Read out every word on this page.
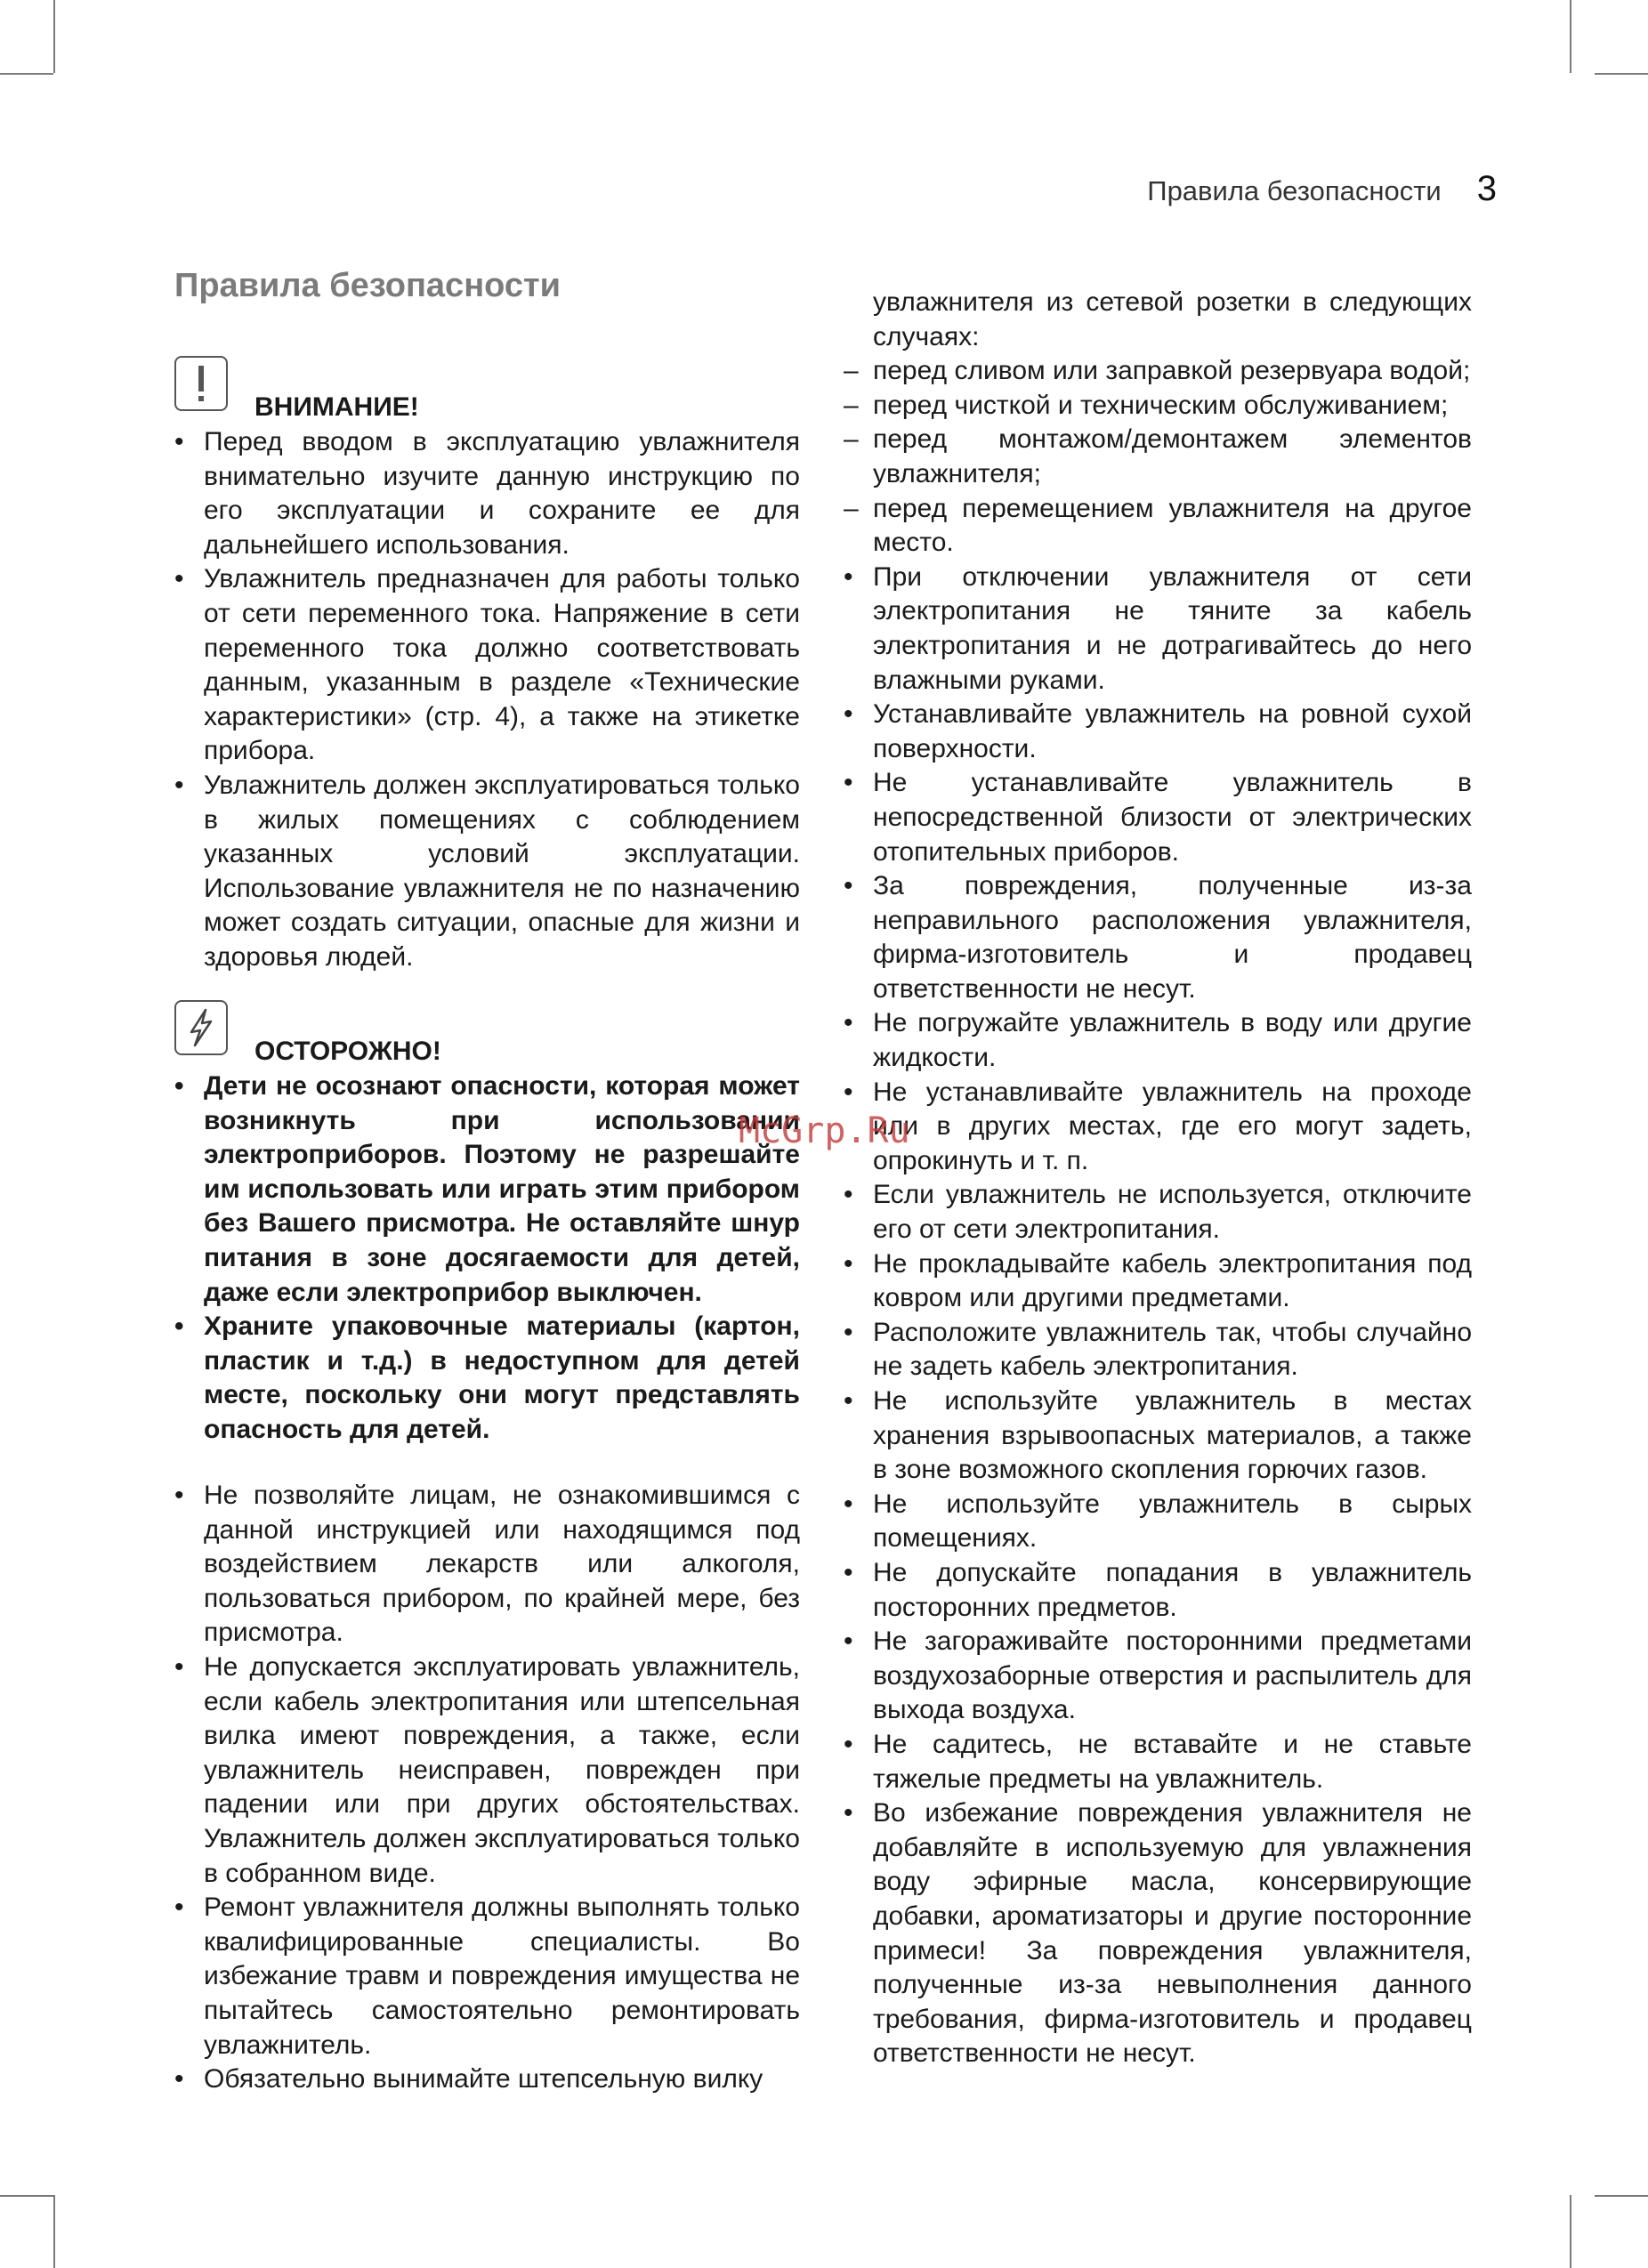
Правила безопасности 3
Правила безопасности
ВНИМАНИЕ!
• Перед вводом в эксплуатацию увлажнителя внимательно изучите данную инструкцию по его эксплуатации и сохраните ее для дальнейшего использования.
• Увлажнитель предназначен для работы только от сети переменного тока. Напряжение в сети переменного тока должно соответствовать данным, указанным в разделе «Технические характеристики» (стр. 4), а также на этикетке прибора.
• Увлажнитель должен эксплуатироваться только в жилых помещениях с соблюдением указанных условий эксплуатации. Использование увлажнителя не по назначению может создать ситуации, опасные для жизни и здоровья людей.
ОСТОРОЖНО!
• Дети не осознают опасности, которая может возникнуть при использовании электроприборов. Поэтому не разрешайте им использовать или играть этим прибором без Вашего присмотра. Не оставляйте шнур питания в зоне досягаемости для детей, даже если электроприбор выключен.
• Храните упаковочные материалы (картон, пластик и т.д.) в недоступном для детей месте, поскольку они могут представлять опасность для детей.
• Не позволяйте лицам, не ознакомившимся с данной инструкцией или находящимся под воздействием лекарств или алкоголя, пользоваться прибором, по крайней мере, без присмотра.
• Не допускается эксплуатировать увлажнитель, если кабель электропитания или штепсельная вилка имеют повреждения, а также, если увлажнитель неисправен, поврежден при падении или при других обстоятельствах. Увлажнитель должен эксплуатироваться только в собранном виде.
• Ремонт увлажнителя должны выполнять только квалифицированные специалисты. Во избежание травм и повреждения имущества не пытайтесь самостоятельно ремонтировать увлажнитель.
• Обязательно вынимайте штепсельную вилку

увлажнителя из сетевой розетки в следующих случаях:

– перед сливом или заправкой резервуара водой;
– перед чисткой и техническим обслуживанием;
– перед монтажом/демонтажем элементов увлажнителя;
– перед перемещением увлажнителя на другое место.
• При отключении увлажнителя от сети электропитания не тяните за кабель электропитания и не дотрагивайтесь до него влажными руками.
• Устанавливайте увлажнитель на ровной сухой поверхности.
• Не устанавливайте увлажнитель в непосредственной близости от электрических отопительных приборов.
• За повреждения, полученные из-за неправильного расположения увлажнителя, фирма-изготовитель и продавец ответственности не несут.
• Не погружайте увлажнитель в воду или другие жидкости.
• Не устанавливайте увлажнитель на проходе или в других местах, где его могут задеть, опрокинуть и т. п.
• Если увлажнитель не используется, отключите его от сети электропитания.
• Не прокладывайте кабель электропитания под ковром или другими предметами.
• Расположите увлажнитель так, чтобы случайно не задеть кабель электропитания.
• Не используйте увлажнитель в местах хранения взрывоопасных материалов, а также в зоне возможного скопления горючих газов.
• Не используйте увлажнитель в сырых помещениях.
• Не допускайте попадания в увлажнитель посторонних предметов.
• Не загораживайте посторонними предметами воздухозаборные отверстия и распылитель для выхода воздуха.
• Не садитесь, не вставайте и не ставьте тяжелые предметы на увлажнитель.
• Во избежание повреждения увлажнителя не добавляйте в используемую для увлажнения воду эфирные масла, консервирующие добавки, ароматизаторы и другие посторонние примеси! За повреждения увлажнителя, полученные из-за невыполнения данного требования, фирма-изготовитель и продавец ответственности не несут.
McGrp.Ru
